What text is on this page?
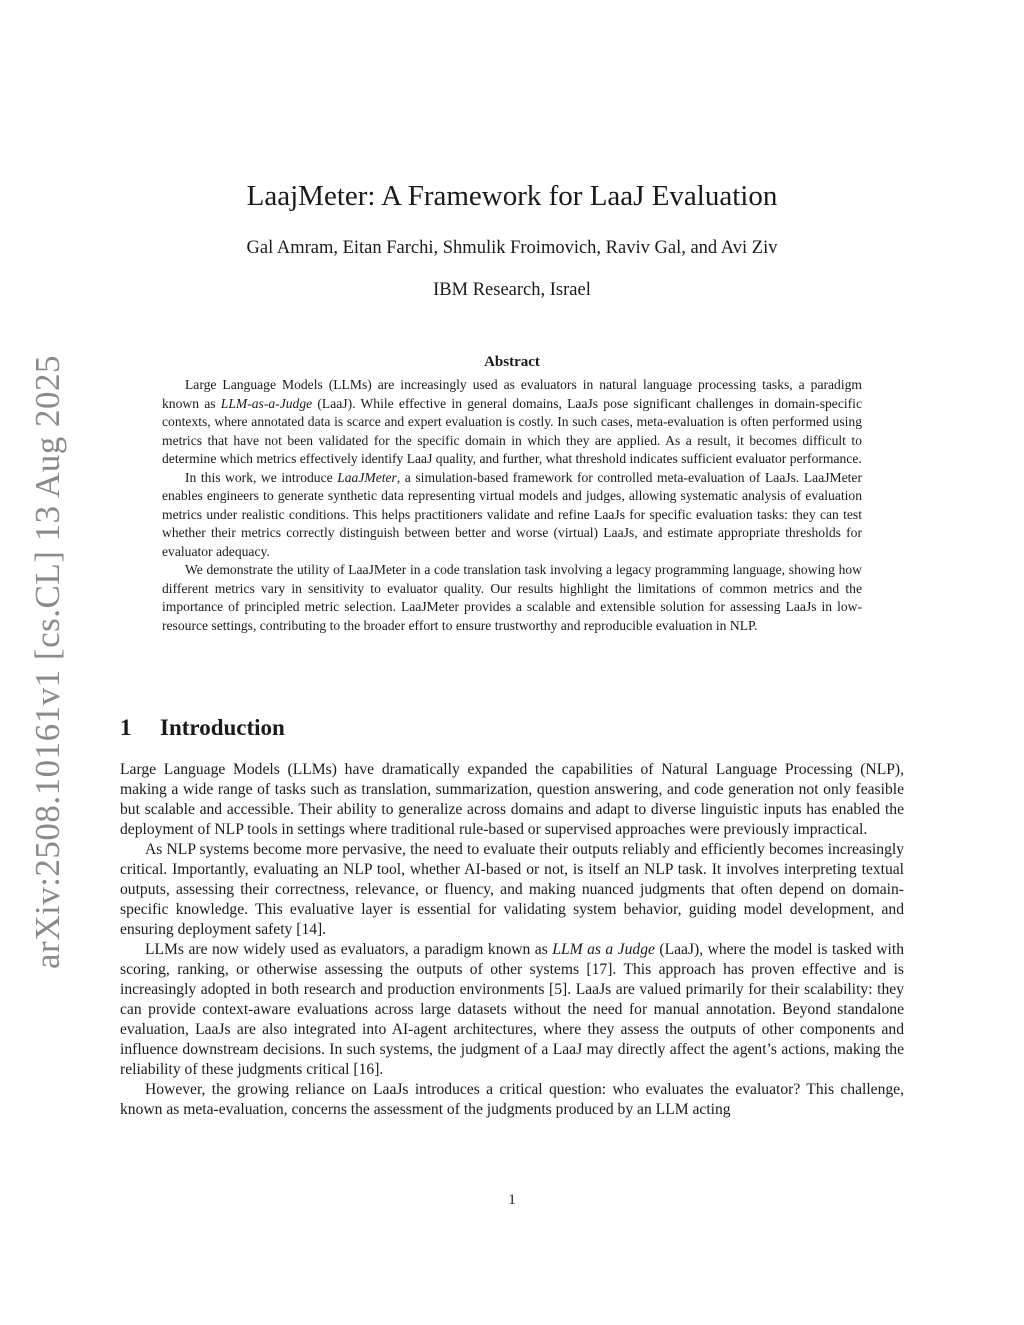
arXiv:2508.10161v1 [cs.CL] 13 Aug 2025
LaajMeter: A Framework for LaaJ Evaluation
Gal Amram, Eitan Farchi, Shmulik Froimovich, Raviv Gal, and Avi Ziv
IBM Research, Israel
Abstract

Large Language Models (LLMs) are increasingly used as evaluators in natural language processing tasks, a paradigm known as LLM-as-a-Judge (LaaJ). While effective in general domains, LaaJs pose significant challenges in domain-specific contexts, where annotated data is scarce and expert evaluation is costly. In such cases, meta-evaluation is often performed using metrics that have not been validated for the specific domain in which they are applied. As a result, it becomes difficult to determine which metrics effectively identify LaaJ quality, and further, what threshold indicates sufficient evaluator performance.

In this work, we introduce LaaJMeter, a simulation-based framework for controlled meta-evaluation of LaaJs. LaaJMeter enables engineers to generate synthetic data representing virtual models and judges, allowing systematic analysis of evaluation metrics under realistic conditions. This helps practitioners validate and refine LaaJs for specific evaluation tasks: they can test whether their metrics correctly distinguish between better and worse (virtual) LaaJs, and estimate appropriate thresholds for evaluator adequacy.

We demonstrate the utility of LaaJMeter in a code translation task involving a legacy programming language, showing how different metrics vary in sensitivity to evaluator quality. Our results highlight the limitations of common metrics and the importance of principled metric selection. LaaJMeter provides a scalable and extensible solution for assessing LaaJs in low-resource settings, contributing to the broader effort to ensure trustworthy and reproducible evaluation in NLP.

1 Introduction

Large Language Models (LLMs) have dramatically expanded the capabilities of Natural Language Processing (NLP), making a wide range of tasks such as translation, summarization, question answering, and code generation not only feasible but scalable and accessible. Their ability to generalize across domains and adapt to diverse linguistic inputs has enabled the deployment of NLP tools in settings where traditional rule-based or supervised approaches were previously impractical.

As NLP systems become more pervasive, the need to evaluate their outputs reliably and efficiently becomes increasingly critical. Importantly, evaluating an NLP tool, whether AI-based or not, is itself an NLP task. It involves interpreting textual outputs, assessing their correctness, relevance, or fluency, and making nuanced judgments that often depend on domain-specific knowledge. This evaluative layer is essential for validating system behavior, guiding model development, and ensuring deployment safety [14].

LLMs are now widely used as evaluators, a paradigm known as LLM as a Judge (LaaJ), where the model is tasked with scoring, ranking, or otherwise assessing the outputs of other systems [17]. This approach has proven effective and is increasingly adopted in both research and production environments [5]. LaaJs are valued primarily for their scalability: they can provide context-aware evaluations across large datasets without the need for manual annotation. Beyond standalone evaluation, LaaJs are also integrated into AI-agent architectures, where they assess the outputs of other components and influence downstream decisions. In such systems, the judgment of a LaaJ may directly affect the agent’s actions, making the reliability of these judgments critical [16].

However, the growing reliance on LaaJs introduces a critical question: who evaluates the evaluator? This challenge, known as meta-evaluation, concerns the assessment of the judgments produced by an LLM acting

1
